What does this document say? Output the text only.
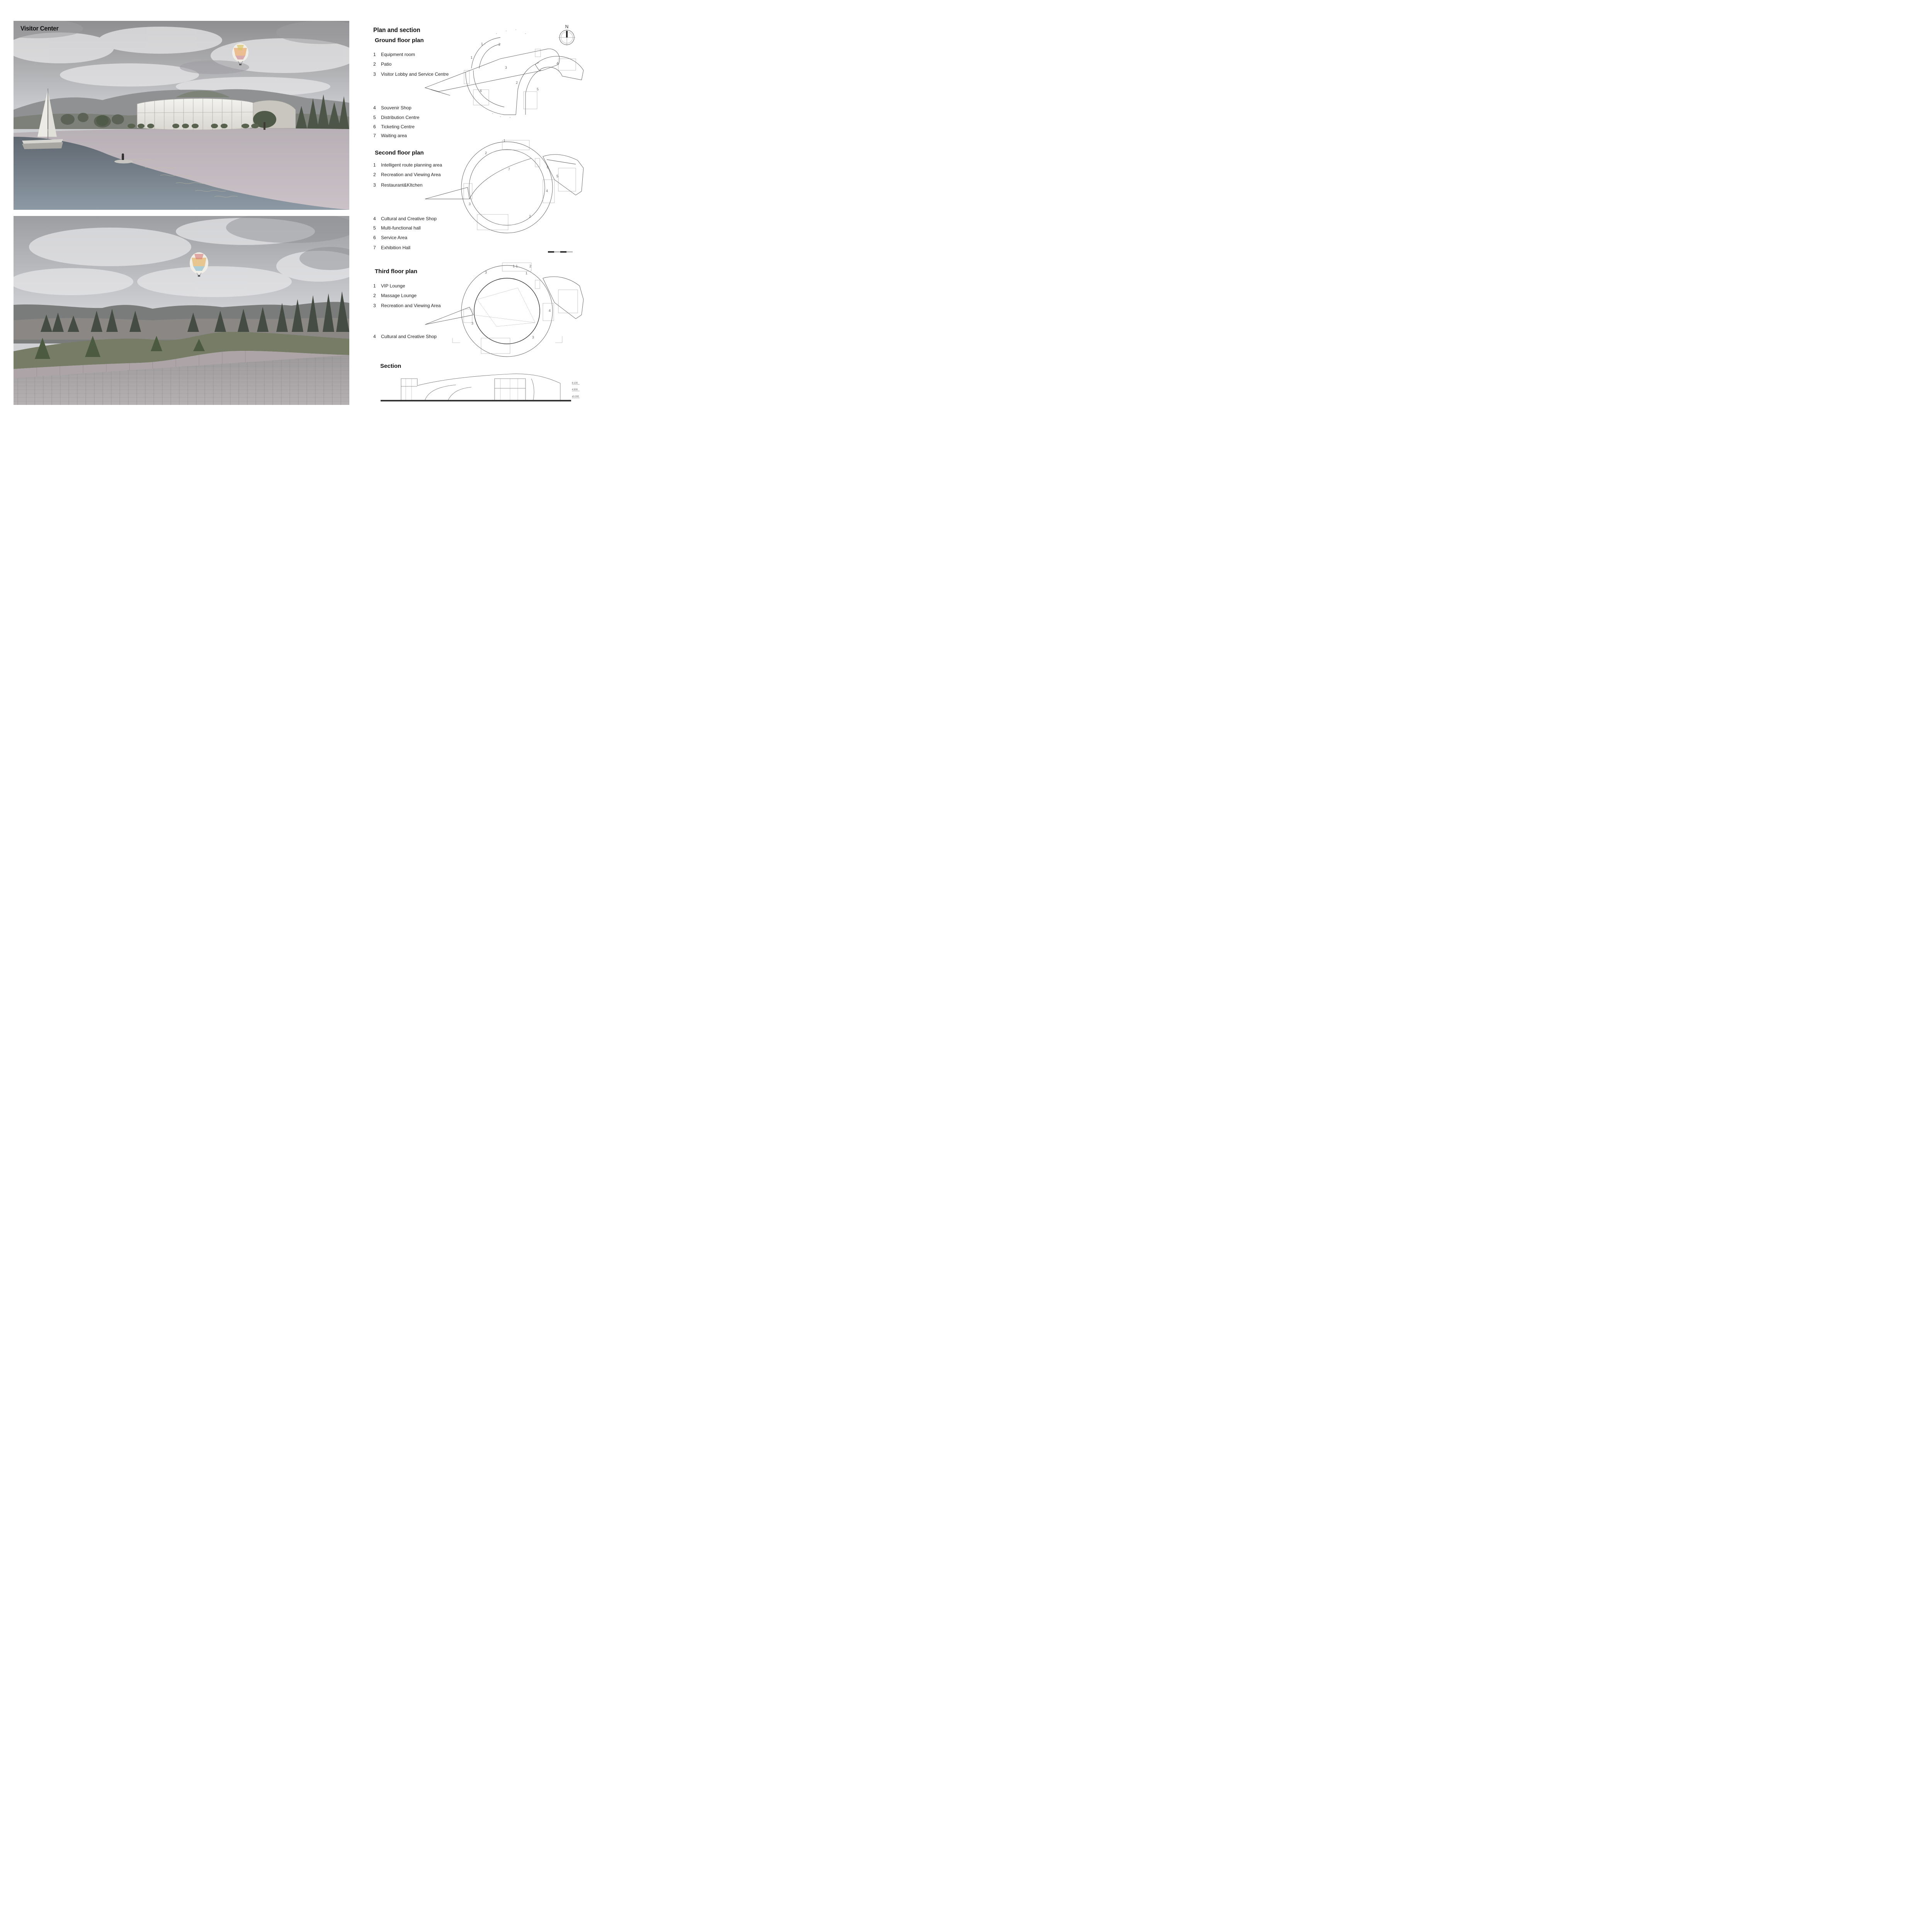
Visitor Center	Plan and section	N
Ground floor plan
1 Equipment room
2 Patio
3 Visitor Lobby and Service Centre
4 Souvenir Shop
5 Distribution Centre
6 Ticketing Centre
7 Waiting area
1
1
2
3
2
4
5
6
Second floor plan
1 Intelligent route planning area
2 Recreation and Viewing Area
3 Restaurant&KItchen
4 Cultural and Creative Shop
5 Multi-functional hall
6 Service Area
7 Exhibition Hall
1
2
7	6
5
4
3
2
Third floor plan
1 VIP Lounge
2 Massage Lounge
3 Recreation and Viewing Area
4 Cultural and Creative Shop
3
1
1
2
1
4
3
3
Section
8.100
4.500
±0.000
